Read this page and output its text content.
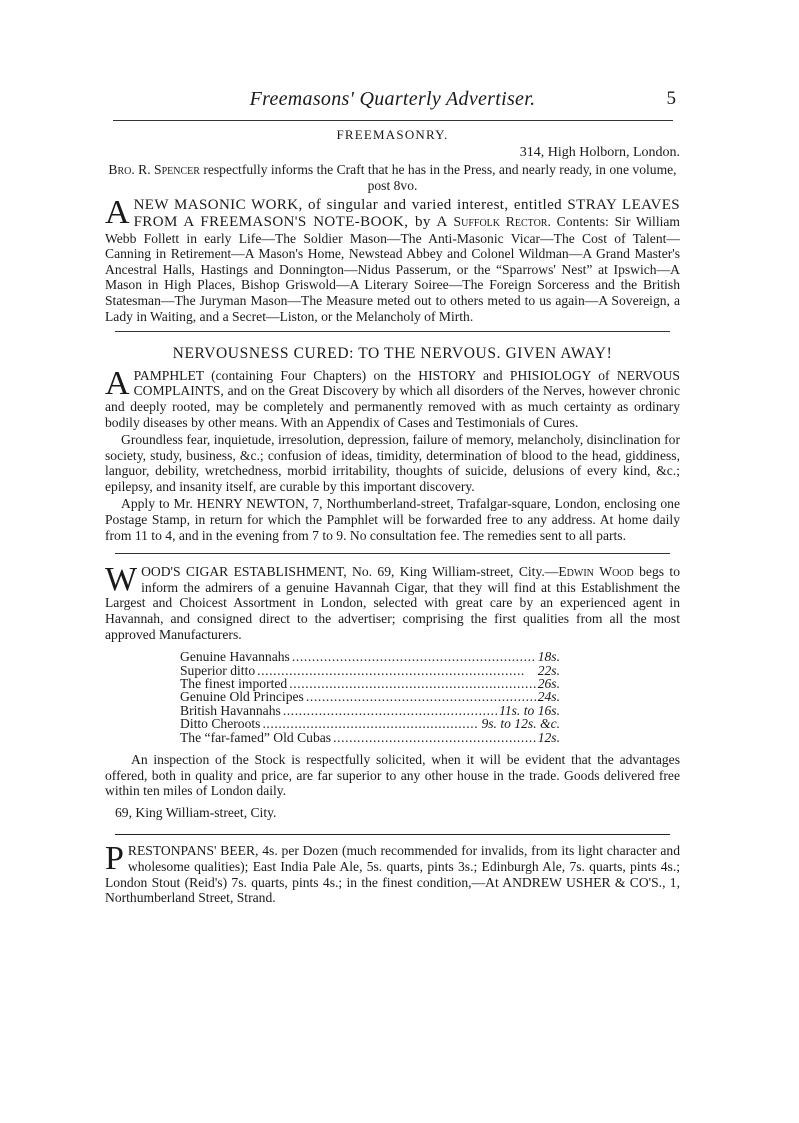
Freemasons' Quarterly Advertiser.	5

FREEMASONRY.

314, High Holborn, London.

Bro. R. Spencer respectfully informs the Craft that he has in the Press, and nearly ready, in one volume, post 8vo.

ANEW MASONIC WORK, of singular and varied interest, entitled STRAY LEAVES FROM A FREEMASON'S NOTE-BOOK, by A Suffolk Rector. Contents: Sir William Webb Follett in early Life—The Soldier Mason—The Anti-Masonic Vicar—The Cost of Talent—Canning in Retirement—A Mason's Home, Newstead Abbey and Colonel Wildman—A Grand Master's Ancestral Halls, Hastings and Donnington—Nidus Passerum, or the “Sparrows' Nest” at Ipswich—A Mason in High Places, Bishop Griswold—A Literary Soiree—The Foreign Sorceress and the British Statesman—The Juryman Mason—The Measure meted out to others meted to us again—A Sovereign, a Lady in Waiting, and a Secret—Liston, or the Melancholy of Mirth.

NERVOUSNESS CURED: TO THE NERVOUS. GIVEN AWAY!

APAMPHLET (containing Four Chapters) on the HISTORY and PHISIOLOGY of NERVOUS COMPLAINTS, and on the Great Discovery by which all disorders of the Nerves, however chronic and deeply rooted, may be completely and permanently removed with as much certainty as ordinary bodily diseases by other means. With an Appendix of Cases and Testimonials of Cures.

Groundless fear, inquietude, irresolution, depression, failure of memory, melancholy, disinclination for society, study, business, &c.; confusion of ideas, timidity, determination of blood to the head, giddiness, languor, debility, wretchedness, morbid irritability, thoughts of suicide, delusions of every kind, &c.; epilepsy, and insanity itself, are curable by this important discovery.

Apply to Mr. HENRY NEWTON, 7, Northumberland-street, Trafalgar-square, London, enclosing one Postage Stamp, in return for which the Pamphlet will be forwarded free to any address. At home daily from 11 to 4, and in the evening from 7 to 9. No consultation fee. The remedies sent to all parts.

WOOD'S CIGAR ESTABLISHMENT, No. 69, King William-street, City.—Edwin Wood begs to inform the admirers of a genuine Havannah Cigar, that they will find at this Establishment the Largest and Choicest Assortment in London, selected with great care by an experienced agent in Havannah, and consigned direct to the advertiser; comprising the first qualities from all the most approved Manufacturers.

Genuine Havannahs . . .	18s.
Superior ditto . . .	22s.
The finest imported . . .	26s.
Genuine Old Principes . . .	24s.
British Havannahs . . .	11s. to 16s.
Ditto Cheroots . . .	9s. to 12s. &c.
The “far-famed” Old Cubas . . .	12s.

An inspection of the Stock is respectfully solicited, when it will be evident that the advantages offered, both in quality and price, are far superior to any other house in the trade. Goods delivered free within ten miles of London daily.

69, King William-street, City.

PRESTONPANS' BEER, 4s. per Dozen (much recommended for invalids, from its light character and wholesome qualities); East India Pale Ale, 5s. quarts, pints 3s.; Edinburgh Ale, 7s. quarts, pints 4s.; London Stout (Reid's) 7s. quarts, pints 4s.; in the finest condition,—At ANDREW USHER & CO'S., 1, Northumberland Street, Strand.
